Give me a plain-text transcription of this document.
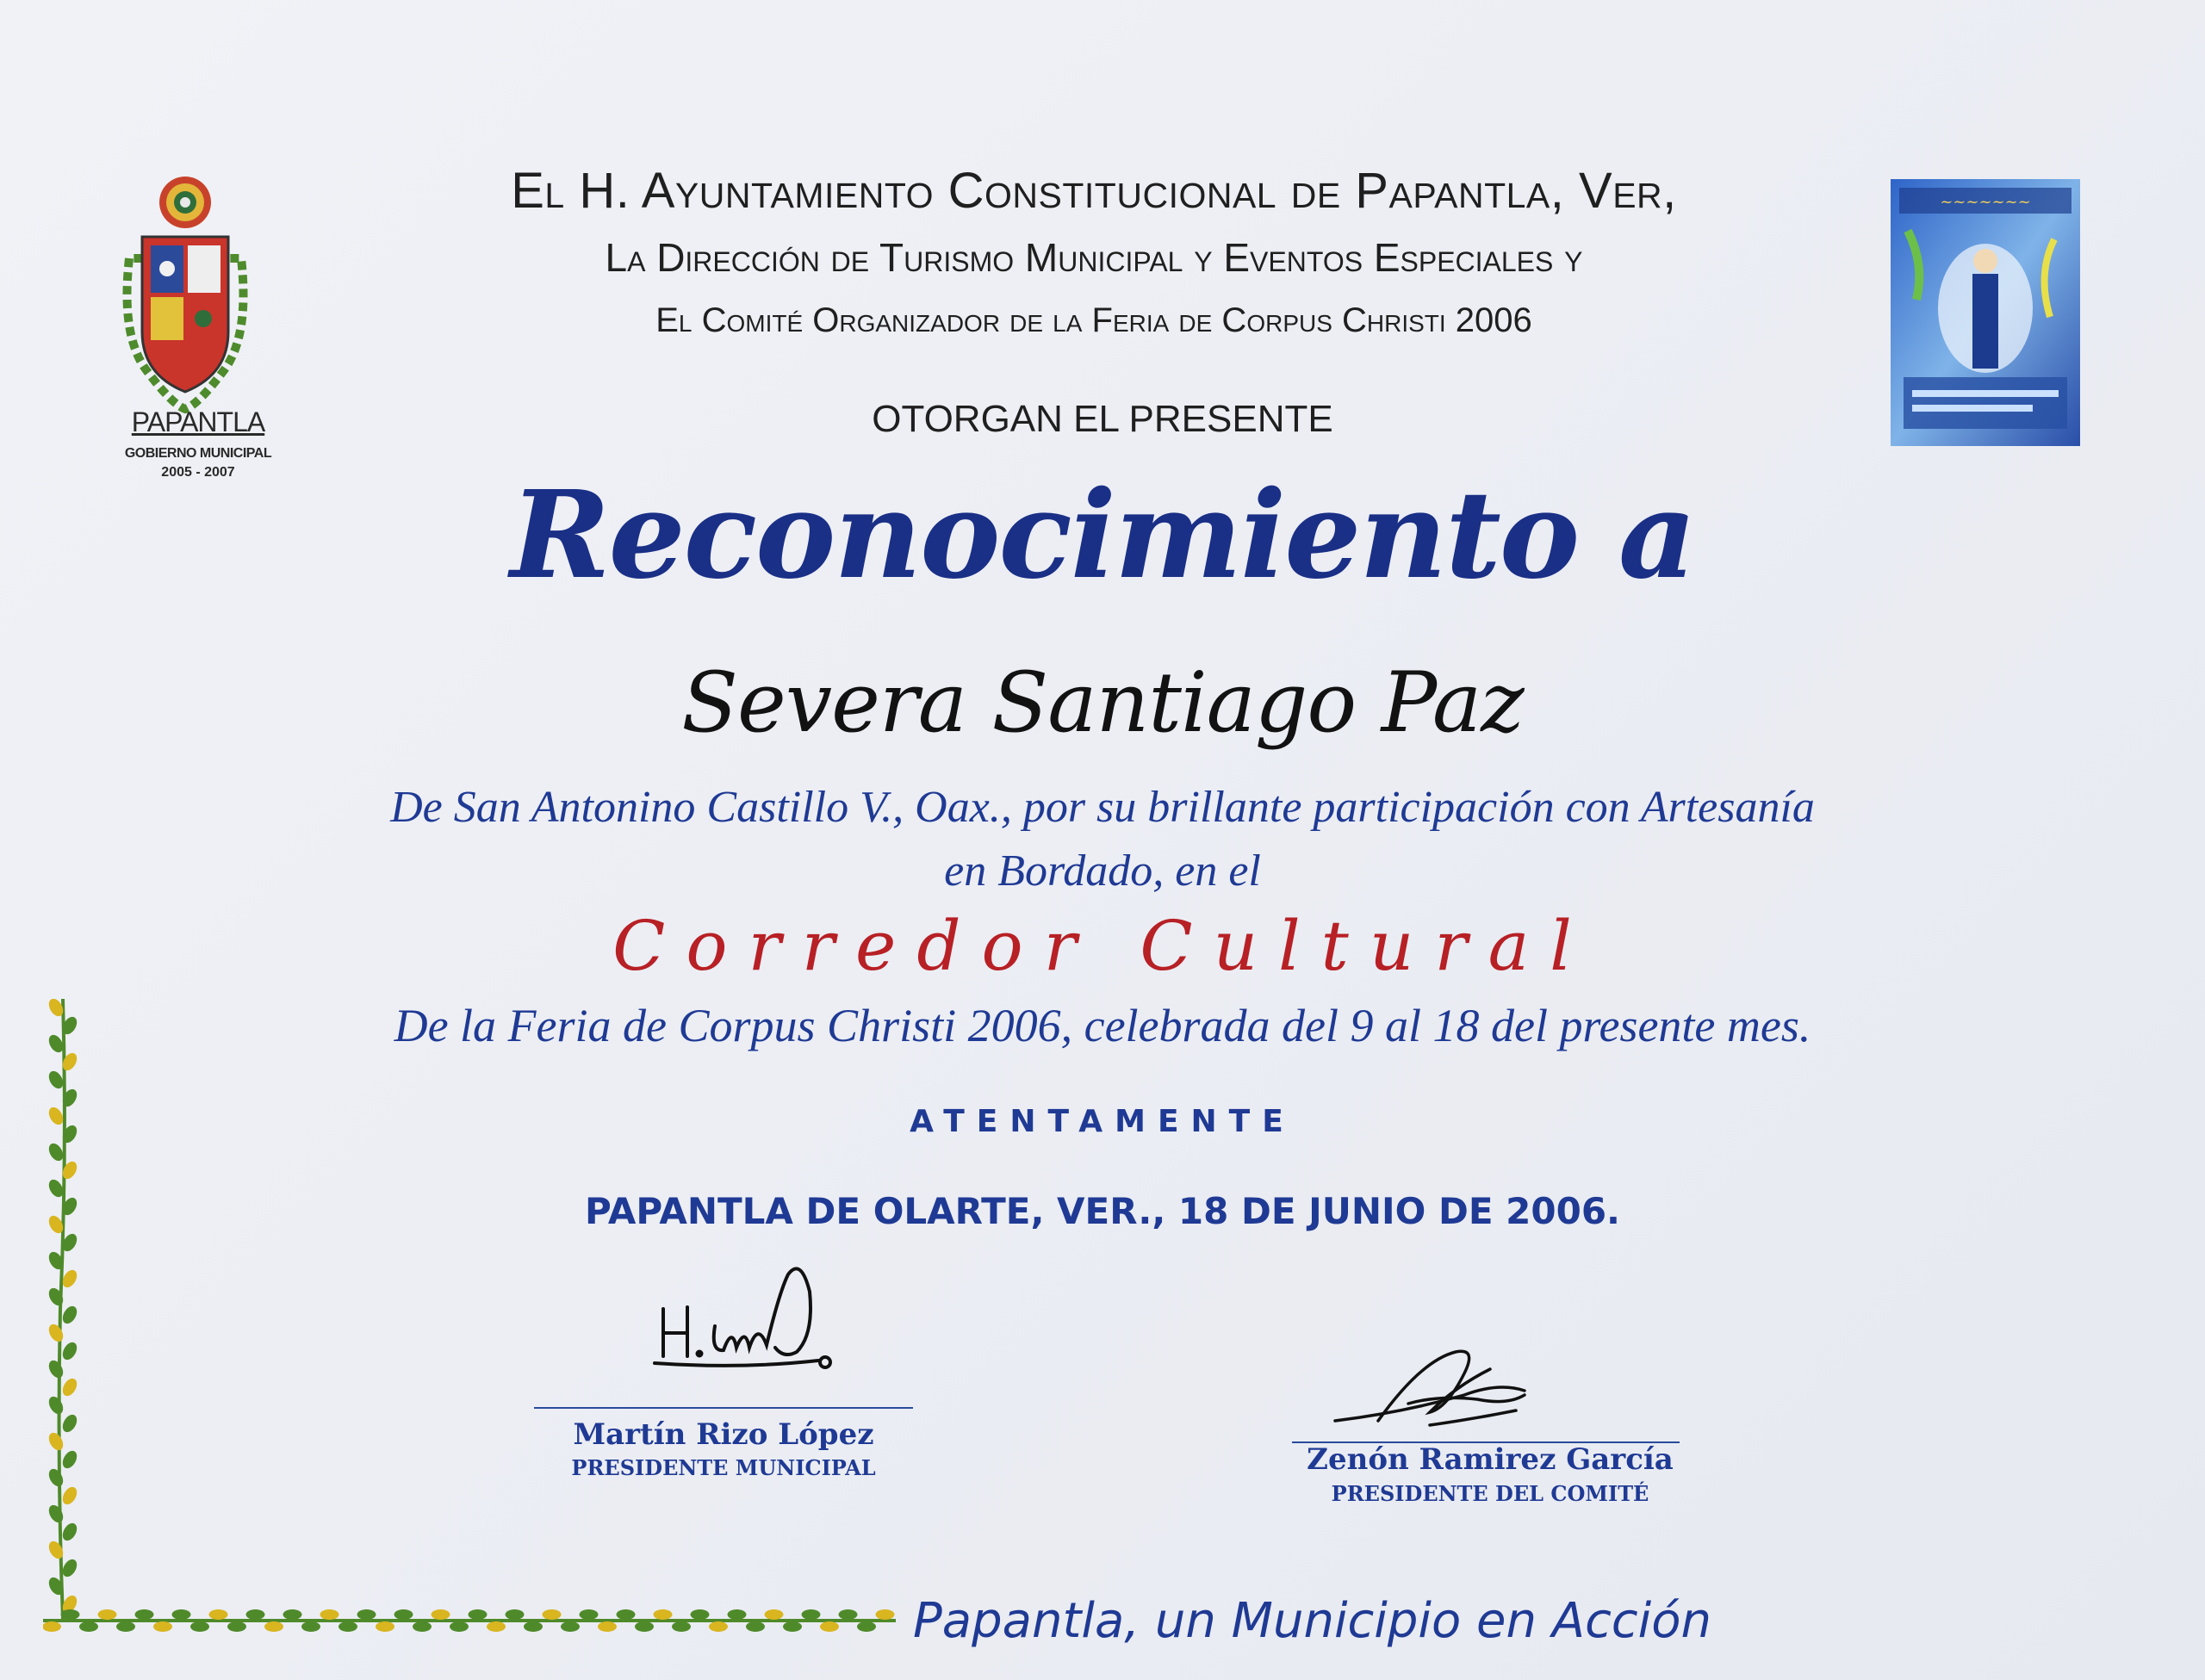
PAPANTLA
GOBIERNO MUNICIPAL
2005 - 2007
~~~~~~~
El H. Ayuntamiento Constitucional de Papantla, Ver,
La Dirección de Turismo Municipal y Eventos Especiales y
El Comité Organizador de la Feria de Corpus Christi 2006
OTORGAN EL PRESENTE
Reconocimiento a
Severa Santiago Paz
De San Antonino Castillo V., Oax., por su brillante participación con Artesanía
en Bordado, en el
Corredor Cultural
De la Feria de Corpus Christi 2006, celebrada del 9 al 18 del presente mes.
ATENTAMENTE
PAPANTLA DE OLARTE, VER., 18 DE JUNIO DE 2006.
Martín Rizo López
PRESIDENTE MUNICIPAL	Zenón Ramirez García
PRESIDENTE DEL COMITÉ
Papantla, un Municipio en Acción
